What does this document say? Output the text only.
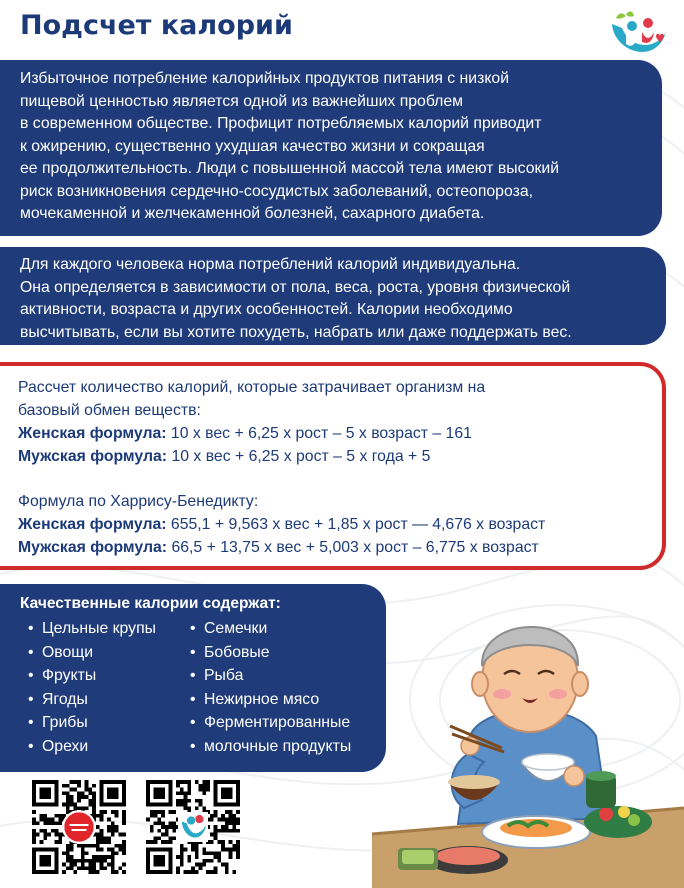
Подсчет калорий
Избыточное потребление калорийных продуктов питания с низкой
пищевой ценностью является одной из важнейших проблем
в современном обществе. Профицит потребляемых калорий приводит
к ожирению, существенно ухудшая качество жизни и сокращая
ее продолжительность. Люди с повышенной массой тела имеют высокий
риск возникновения сердечно-сосудистых заболеваний, остеопороза,
мочекаменной и желчекаменной болезней, сахарного диабета.
Для каждого человека норма потреблений калорий индивидуальна.
Она определяется в зависимости от пола, веса, роста, уровня физической
активности, возраста и других особенностей. Калории необходимо
высчитывать, если вы хотите похудеть, набрать или даже поддержать вес.
Рассчет количество калорий, которые затрачивает организм на
базовый обмен веществ:
Женская формула: 10 х вес + 6,25 х рост – 5 х возраст – 161
Мужская формула: 10 х вес + 6,25 х рост – 5 х года + 5
Формула по Харрису-Бенедикту:
Женская формула: 655,1 + 9,563 х вес + 1,85 х рост — 4,676 х возраст
Мужская формула: 66,5 + 13,75 х вес + 5,003 х рост – 6,775 х возраст
Качественные калории содержат:
• Цельные крупы
• Овощи
• Фрукты
• Ягоды
• Грибы
• Орехи
• Семечки
• Бобовые
• Рыба
• Нежирное мясо
• Ферментированные
• молочные продукты
